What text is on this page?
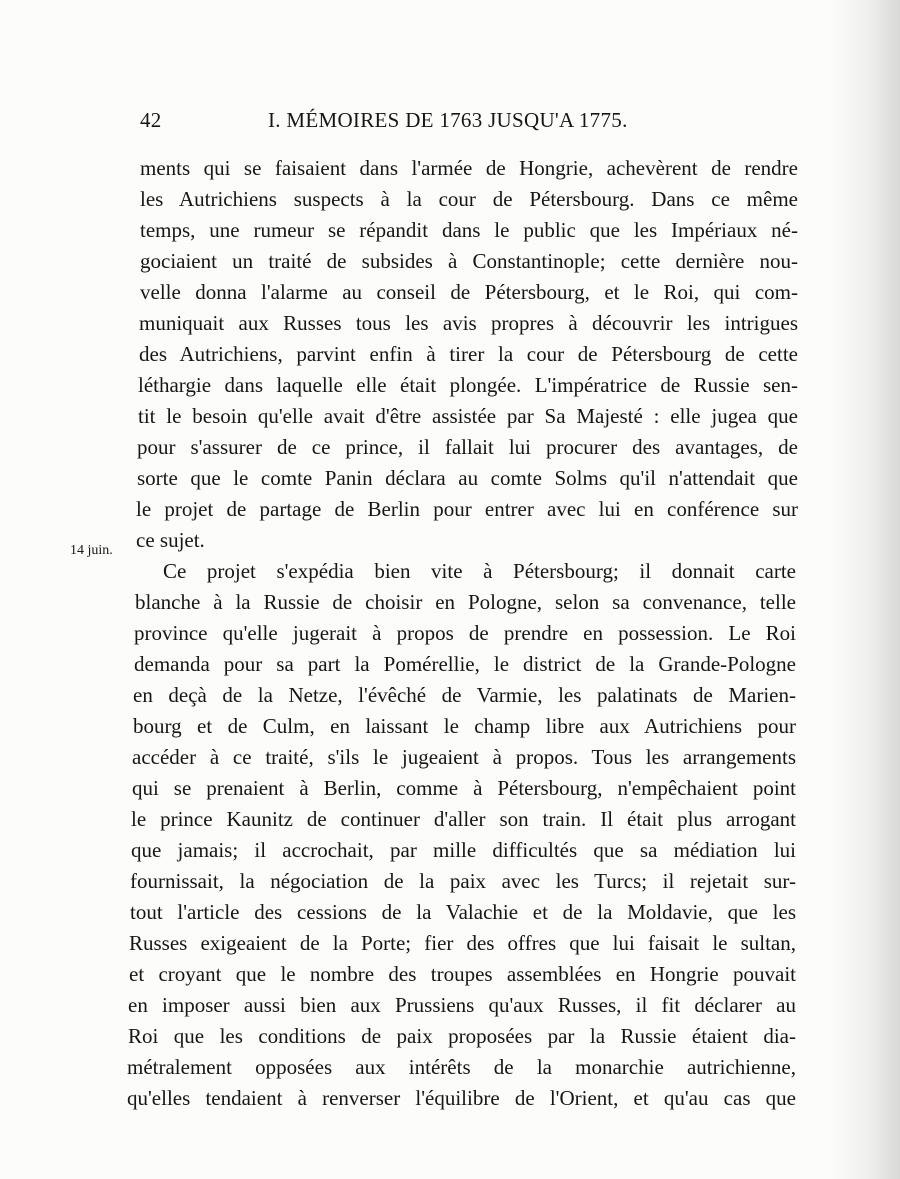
42	I. MÉMOIRES DE 1763 JUSQU'A 1775.
14 juin.
ments qui se faisaient dans l'armée de Hongrie, achevèrent de rendre
les Autrichiens suspects à la cour de Pétersbourg. Dans ce même
temps, une rumeur se répandit dans le public que les Impériaux né-
gociaient un traité de subsides à Constantinople; cette dernière nou-
velle donna l'alarme au conseil de Pétersbourg, et le Roi, qui com-
muniquait aux Russes tous les avis propres à découvrir les intrigues
des Autrichiens, parvint enfin à tirer la cour de Pétersbourg de cette
léthargie dans laquelle elle était plongée. L'impératrice de Russie sen-
tit le besoin qu'elle avait d'être assistée par Sa Majesté : elle jugea que
pour s'assurer de ce prince, il fallait lui procurer des avantages, de
sorte que le comte Panin déclara au comte Solms qu'il n'attendait que
le projet de partage de Berlin pour entrer avec lui en conférence sur
ce sujet.
Ce projet s'expédia bien vite à Pétersbourg; il donnait carte
blanche à la Russie de choisir en Pologne, selon sa convenance, telle
province qu'elle jugerait à propos de prendre en possession. Le Roi
demanda pour sa part la Pomérellie, le district de la Grande-Pologne
en deçà de la Netze, l'évêché de Varmie, les palatinats de Marien-
bourg et de Culm, en laissant le champ libre aux Autrichiens pour
accéder à ce traité, s'ils le jugeaient à propos. Tous les arrangements
qui se prenaient à Berlin, comme à Pétersbourg, n'empêchaient point
le prince Kaunitz de continuer d'aller son train. Il était plus arrogant
que jamais; il accrochait, par mille difficultés que sa médiation lui
fournissait, la négociation de la paix avec les Turcs; il rejetait sur-
tout l'article des cessions de la Valachie et de la Moldavie, que les
Russes exigeaient de la Porte; fier des offres que lui faisait le sultan,
et croyant que le nombre des troupes assemblées en Hongrie pouvait
en imposer aussi bien aux Prussiens qu'aux Russes, il fit déclarer au
Roi que les conditions de paix proposées par la Russie étaient dia-
métralement opposées aux intérêts de la monarchie autrichienne,
qu'elles tendaient à renverser l'équilibre de l'Orient, et qu'au cas que
